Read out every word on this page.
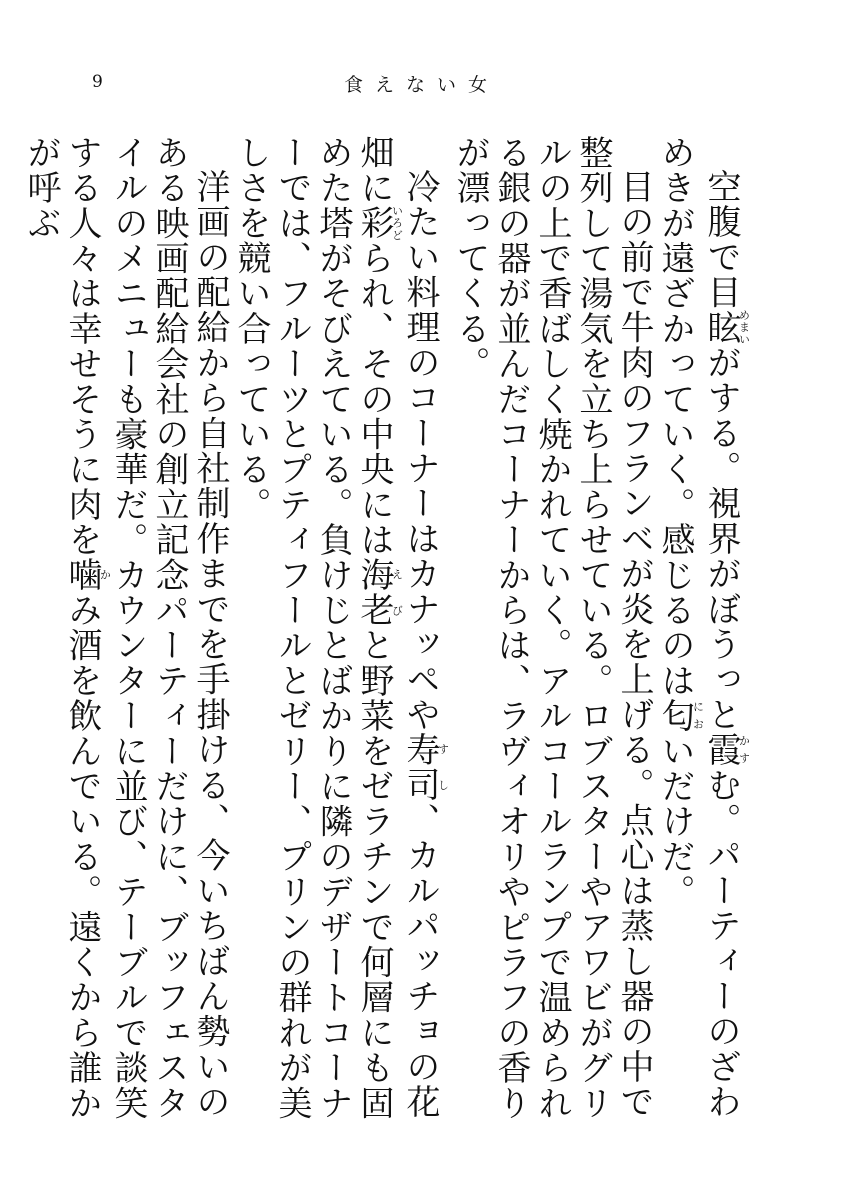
9	食えない女

空腹で目眩めまいがする。視界がぼうっと霞かすむ。パーティーのざわめきが遠ざかっていく。感じるのは匂においだけだ。

目の前で牛肉のフランベが炎を上げる。点心は蒸し器の中で整列して湯気を立ち上らせている。ロブスターやアワビがグリルの上で香ばしく焼かれていく。アルコールランプで温められる銀の器が並んだコーナーからは、ラヴィオリやピラフの香りが漂ってくる。

冷たい料理のコーナーはカナッペや寿司すし、カルパッチョの花畑に彩いろどられ、その中央には海老えびと野菜をゼラチンで何層にも固めた塔がそびえている。負けじとばかりに隣のデザートコーナーでは、フルーツとプティフールとゼリー、プリンの群れが美しさを競い合っている。

洋画の配給から自社制作までを手掛ける、今いちばん勢いのある映画配給会社の創立記念パーティーだけに、ブッフェスタイルのメニューも豪華だ。カウンターに並び、テーブルで談笑する人々は幸せそうに肉を噛かみ酒を飲んでいる。遠くから誰かが呼ぶ
